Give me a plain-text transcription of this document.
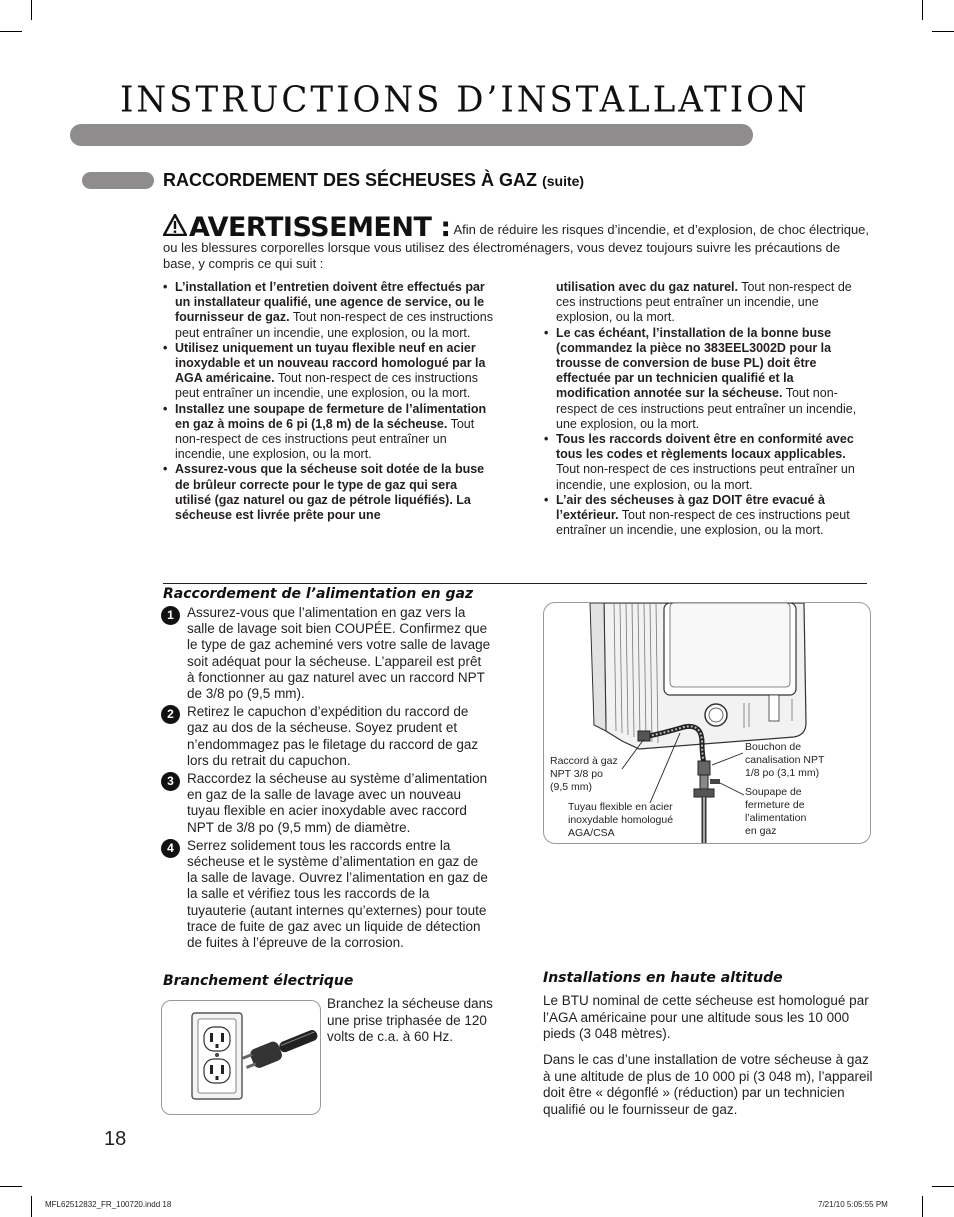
INSTRUCTIONS D’INSTALLATION
RACCORDEMENT DES SÉCHEUSES À GAZ (suite)
AVERTISSEMENT : Afin de réduire les risques d’incendie, et d’explosion, de choc électrique, ou les blessures corporelles lorsque vous utilisez des électroménagers, vous devez toujours suivre les précautions de base, y compris ce qui suit :
• L’installation et l’entretien doivent être effectués par un installateur qualifié, une agence de service, ou le fournisseur de gaz. Tout non-respect de ces instructions peut entraîner un incendie, une explosion, ou la mort.
• Utilisez uniquement un tuyau flexible neuf en acier inoxydable et un nouveau raccord homologué par la AGA américaine. Tout non-respect de ces instructions peut entraîner un incendie, une explosion, ou la mort.
• Installez une soupape de fermeture de l’alimentation en gaz à moins de 6 pi (1,8 m) de la sécheuse. Tout non-respect de ces instructions peut entraîner un incendie, une explosion, ou la mort.
• Assurez-vous que la sécheuse soit dotée de la buse de brûleur correcte pour le type de gaz qui sera utilisé (gaz naturel ou gaz de pétrole liquéfiés). La sécheuse est livrée prête pour une
utilisation avec du gaz naturel. Tout non-respect de ces instructions peut entraîner un incendie, une explosion, ou la mort.
• Le cas échéant, l’installation de la bonne buse (commandez la pièce no 383EEL3002D pour la trousse de conversion de buse PL) doit être effectuée par un technicien qualifié et la modification annotée sur la sécheuse. Tout non-respect de ces instructions peut entraîner un incendie, une explosion, ou la mort.
• Tous les raccords doivent être en conformité avec tous les codes et règlements locaux applicables. Tout non-respect de ces instructions peut entraîner un incendie, une explosion, ou la mort.
• L’air des sécheuses à gaz DOIT être evacué à l’extérieur. Tout non-respect de ces instructions peut entraîner un incendie, une explosion, ou la mort.
Raccordement de l’alimentation en gaz
1 Assurez-vous que l’alimentation en gaz vers la salle de lavage soit bien COUPÉE. Confirmez que le type de gaz acheminé vers votre salle de lavage soit adéquat pour la sécheuse. L’appareil est prêt à fonctionner au gaz naturel avec un raccord NPT de 3/8 po (9,5 mm).
2 Retirez le capuchon d’expédition du raccord de gaz au dos de la sécheuse. Soyez prudent et n’endommagez pas le filetage du raccord de gaz lors du retrait du capuchon.
3 Raccordez la sécheuse au système d’alimentation en gaz de la salle de lavage avec un nouveau tuyau flexible en acier inoxydable avec raccord NPT de 3/8 po (9,5 mm) de diamètre.
4 Serrez solidement tous les raccords entre la sécheuse et le système d’alimentation en gaz de la salle de lavage. Ouvrez l’alimentation en gaz de la salle et vérifiez tous les raccords de la tuyauterie (autant internes qu’externes) pour toute trace de fuite de gaz avec un liquide de détection de fuites à l’épreuve de la corrosion.
Raccord à gaz
NPT 3/8 po
(9,5 mm)
Tuyau flexible en acier
inoxydable homologué
AGA/CSA
Bouchon de
canalisation NPT
1/8 po (3,1 mm)
Soupape de
fermeture de
l’alimentation
en gaz
Branchement électrique
Branchez la sécheuse dans une prise triphasée de 120 volts de c.a. à 60 Hz.
Installations en haute altitude
Le BTU nominal de cette sécheuse est homologué par l’AGA américaine pour une altitude sous les 10 000 pieds (3 048 mètres).
Dans le cas d’une installation de votre sécheuse à gaz à une altitude de plus de 10 000 pi (3 048 m), l’appareil doit être « dégonflé » (réduction) par un technicien qualifié ou le fournisseur de gaz.
18
MFL62512832_FR_100720.indd 18	7/21/10 5:05:55 PM
